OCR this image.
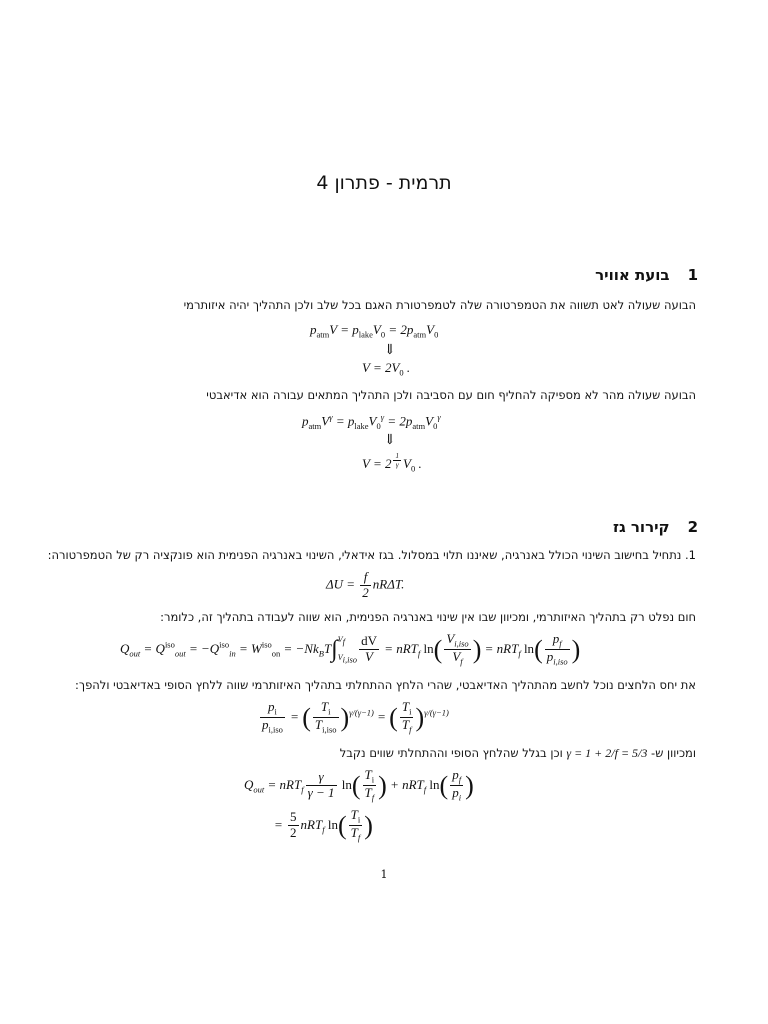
תרמית - פתרון 4
1בועת אוויר
הבועה שעולה לאט תשווה את הטמפרטורה שלה לטמפרטורת האגם בכל שלב ולכן התהליך יהיה איזותרמי
$p_{atm}V = p_{lake}V_0 = 2p_{atm}V_0$
⇓
$V = 2V_0$ .
הבועה שעולה מהר לא מספיקה להחליף חום עם הסביבה ולכן התהליך המתאים עבורה הוא אדיאבטי
$p_{atm}V^\gamma = p_{lake}V_0^\gamma = 2p_{atm}V_0^\gamma$
⇓
V = 2 $^{\frac{1}{\gamma}}$ $V_0$ .
2קירור גז
1. נתחיל בחישוב השינוי הכולל באנרגיה, שאיננו תלוי במסלול. בגז אידאלי, השינוי באנרגיה הפנימית הוא פונקציה רק של הטמפרטורה:
$\Delta U = \frac{f}{2} nR\Delta T$.
חום נפלט רק בתהליך האיזותרמי, ומכיוון שבו אין שינוי באנרגיה הפנימית, הוא שווה לעבודה בתהליך זה, כלומר:
$Q_{out} = Q^{iso}_{out} = -Q^{iso}_{in} = W^{iso}_{on} = -Nk_BT\int V_f$

$V_{i,iso} \frac{dV}{V} = nRT_f$ $\ln( \frac{V_{i,iso}}{V_f}$ ) = nRT$_f$ $\ln( \frac{p_f}{p_{i,iso}}$ )
את יחס הלחצים נוכל לחשב מהתהליך האדיאבטי, שהרי הלחץ ההתחלתי בתהליך האיזותרמי שווה ללחץ הסופי באדיאבטי ולהפך:
$\frac{p_i}{p_{i,iso}}$ = ( $\frac{T_i}{T_{i,iso}} )^{\gamma/(\gamma-1)}$ = ( $\frac{T_i}{T_f} )^{\gamma/(\gamma-1)}$
ומכיוון ש- γ = 1 + 2/f = 5/3 וכן בגלל שהלחץ הסופי וההתחלתי שווים נקבל
$Q_{out} = nRT_f \frac{\gamma}{\gamma - 1} \ln( \frac{T_i}{T_f}$ ) + nRT$_f$ $\ln( \frac{p_f}{p_i}$ )
= $\frac{5}{2} nRT_f$ $\ln( \frac{T_i}{T_f}$ )
1
